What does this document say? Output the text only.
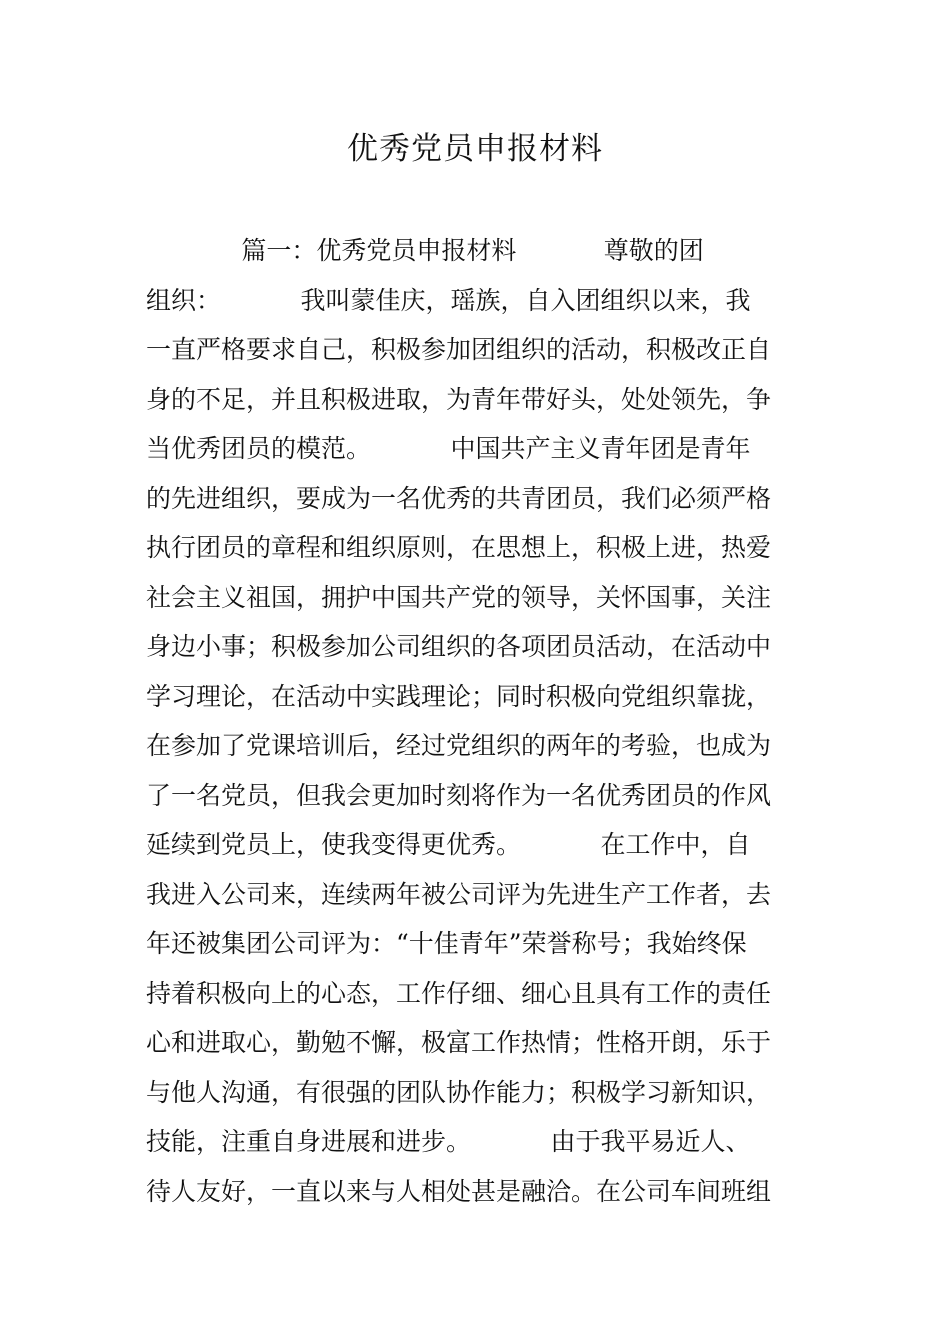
优秀党员申报材料
篇一：优秀党员申报材料           尊敬的团
组织：          我叫蒙佳庆，瑶族，自入团组织以来，我
一直严格要求自己，积极参加团组织的活动，积极改正自
身的不足，并且积极进取，为青年带好头，处处领先，争
当优秀团员的模范。          中国共产主义青年团是青年
的先进组织，要成为一名优秀的共青团员，我们必须严格
执行团员的章程和组织原则，在思想上，积极上进，热爱
社会主义祖国，拥护中国共产党的领导，关怀国事，关注
身边小事；积极参加公司组织的各项团员活动，在活动中
学习理论，在活动中实践理论；同时积极向党组织靠拢，
在参加了党课培训后，经过党组织的两年的考验，也成为
了一名党员，但我会更加时刻将作为一名优秀团员的作风
延续到党员上，使我变得更优秀。          在工作中，自
我进入公司来，连续两年被公司评为先进生产工作者，去
年还被集团公司评为：“十佳青年”荣誉称号；我始终保
持着积极向上的心态，工作仔细、细心且具有工作的责任
心和进取心，勤勉不懈，极富工作热情；性格开朗，乐于
与他人沟通，有很强的团队协作能力；积极学习新知识，
技能，注重自身进展和进步。          由于我平易近人、
待人友好，一直以来与人相处甚是融洽。在公司车间班组
